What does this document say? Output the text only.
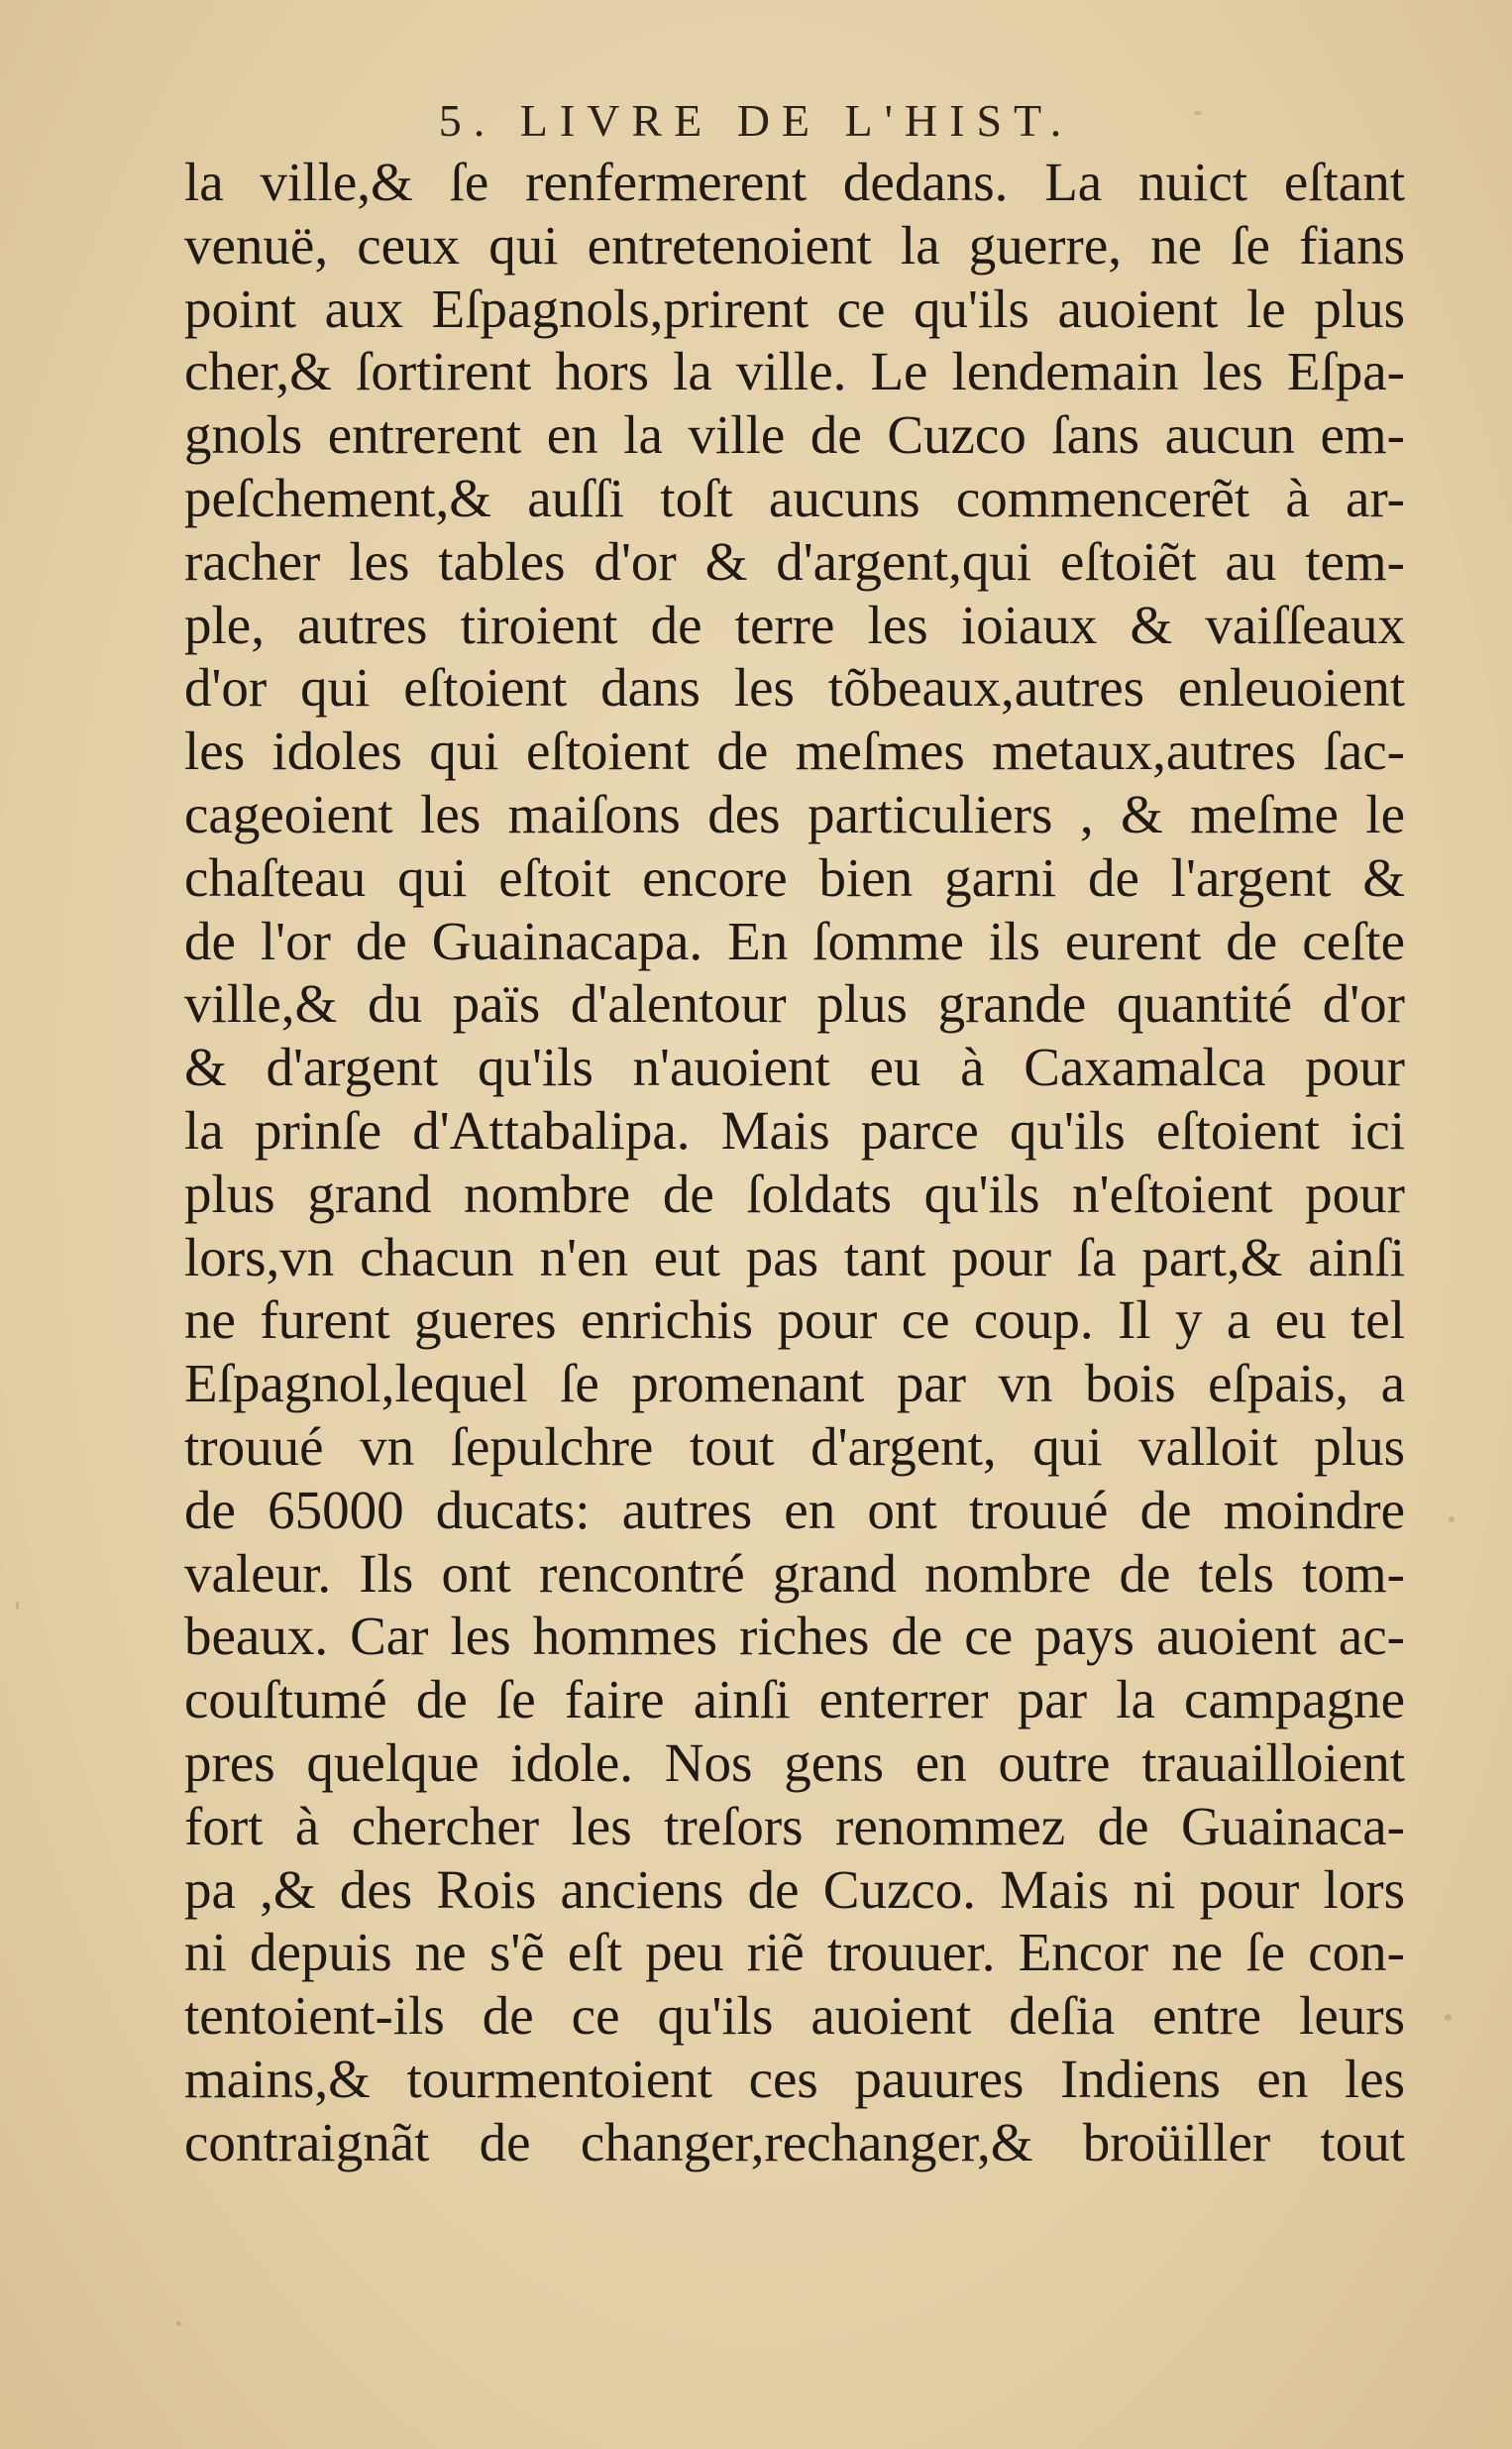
5. LIVRE DE L'HIST.
la ville,& ſe renfermerent dedans. La nuict eſtant
venuë, ceux qui entretenoient la guerre, ne ſe fians
point aux Eſpagnols,prirent ce qu'ils auoient le plus
cher,& ſortirent hors la ville. Le lendemain les Eſpa-
gnols entrerent en la ville de Cuzco ſans aucun em-
peſchement,& auſſi toſt aucuns commencerẽt à ar-
racher les tables d'or & d'argent,qui eſtoiẽt au tem-
ple, autres tiroient de terre les ioiaux & vaiſſeaux
d'or qui eſtoient dans les tõbeaux,autres enleuoient
les idoles qui eſtoient de meſmes metaux,autres ſac-
cageoient les maiſons des particuliers , & meſme le
chaſteau qui eſtoit encore bien garni de l'argent &
de l'or de Guainacapa. En ſomme ils eurent de ceſte
ville,& du païs d'alentour plus grande quantité d'or
& d'argent qu'ils n'auoient eu à Caxamalca pour
la prinſe d'Attabalipa. Mais parce qu'ils eſtoient ici
plus grand nombre de ſoldats qu'ils n'eſtoient pour
lors,vn chacun n'en eut pas tant pour ſa part,& ainſi
ne furent gueres enrichis pour ce coup. Il y a eu tel
Eſpagnol,lequel ſe promenant par vn bois eſpais, a
trouué vn ſepulchre tout d'argent, qui valloit plus
de 65000 ducats: autres en ont trouué de moindre
valeur. Ils ont rencontré grand nombre de tels tom-
beaux. Car les hommes riches de ce pays auoient ac-
couſtumé de ſe faire ainſi enterrer par la campagne
pres quelque idole. Nos gens en outre trauailloient
fort à chercher les treſors renommez de Guainaca-
pa ,& des Rois anciens de Cuzco. Mais ni pour lors
ni depuis ne s'ẽ eſt peu riẽ trouuer. Encor ne ſe con-
tentoient-ils de ce qu'ils auoient deſia entre leurs
mains,& tourmentoient ces pauures Indiens en les
contraignãt de changer,rechanger,& broüiller tout
